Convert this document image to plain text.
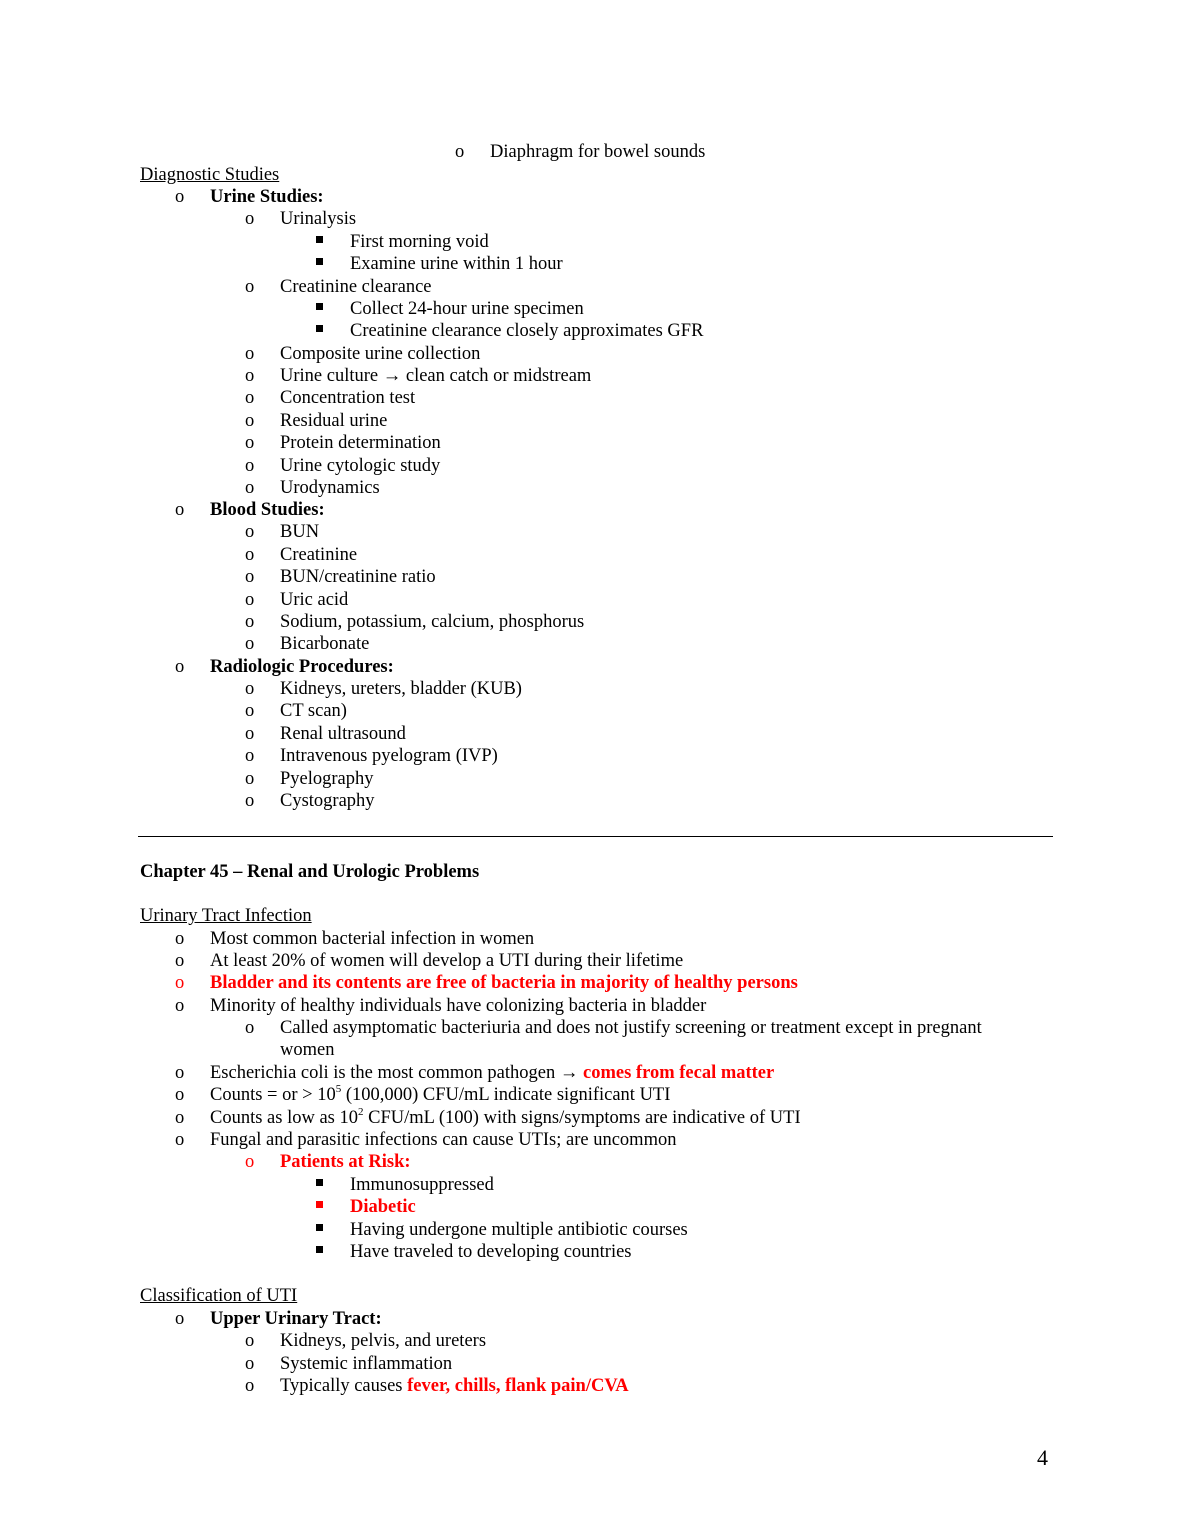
o Diaphragm for bowel sounds
Diagnostic Studies
o Urine Studies:
o Urinalysis
First morning void
Examine urine within 1 hour
o Creatinine clearance
Collect 24-hour urine specimen
Creatinine clearance closely approximates GFR
o Composite urine collection
o Urine culture → clean catch or midstream
o Concentration test
o Residual urine
o Protein determination
o Urine cytologic study
o Urodynamics
o Blood Studies:
o BUN
o Creatinine
o BUN/creatinine ratio
o Uric acid
o Sodium, potassium, calcium, phosphorus
o Bicarbonate
o Radiologic Procedures:
o Kidneys, ureters, bladder (KUB)
o CT scan)
o Renal ultrasound
o Intravenous pyelogram (IVP)
o Pyelography
o Cystography
Chapter 45 – Renal and Urologic Problems
Urinary Tract Infection
o Most common bacterial infection in women
o At least 20% of women will develop a UTI during their lifetime
o Bladder and its contents are free of bacteria in majority of healthy persons
o Minority of healthy individuals have colonizing bacteria in bladder
o Called asymptomatic bacteriuria and does not justify screening or treatment except in pregnant women
o Escherichia coli is the most common pathogen → comes from fecal matter
o Counts = or > $10^5$ (100,000) CFU/mL indicate significant UTI
o Counts as low as $10^2$ CFU/mL (100) with signs/symptoms are indicative of UTI
o Fungal and parasitic infections can cause UTIs; are uncommon
o Patients at Risk:
Immunosuppressed
Diabetic
Having undergone multiple antibiotic courses
Have traveled to developing countries
Classification of UTI
o Upper Urinary Tract:
o Kidneys, pelvis, and ureters
o Systemic inflammation
o Typically causes fever, chills, flank pain/CVA
4
